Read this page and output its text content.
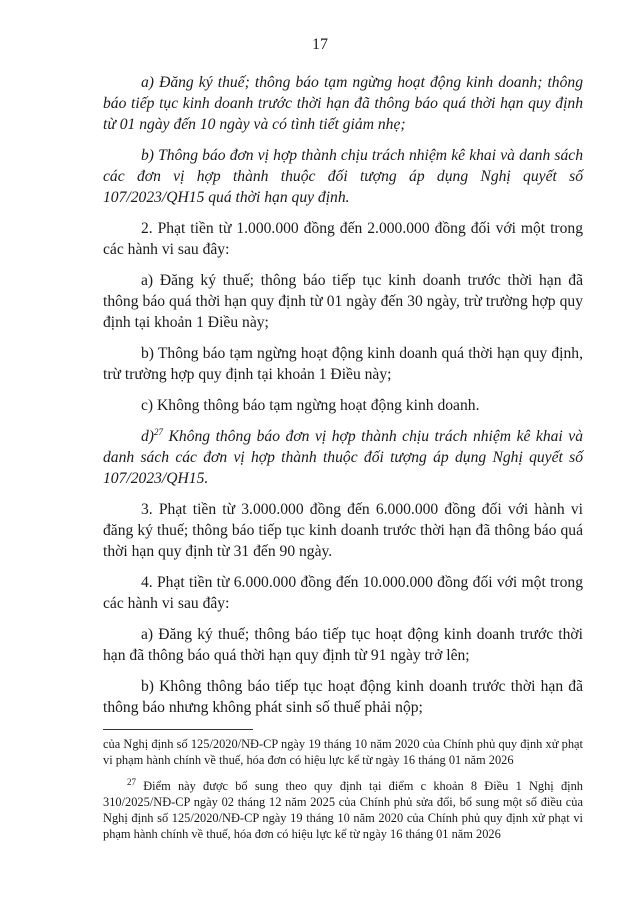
17

a) Đăng ký thuế; thông báo tạm ngừng hoạt động kinh doanh; thông báo tiếp tục kinh doanh trước thời hạn đã thông báo quá thời hạn quy định từ 01 ngày đến 10 ngày và có tình tiết giảm nhẹ;

b) Thông báo đơn vị hợp thành chịu trách nhiệm kê khai và danh sách các đơn vị hợp thành thuộc đối tượng áp dụng Nghị quyết số 107/2023/QH15 quá thời hạn quy định.

2. Phạt tiền từ 1.000.000 đồng đến 2.000.000 đồng đối với một trong các hành vi sau đây:

a) Đăng ký thuế; thông báo tiếp tục kinh doanh trước thời hạn đã thông báo quá thời hạn quy định từ 01 ngày đến 30 ngày, trừ trường hợp quy định tại khoản 1 Điều này;

b) Thông báo tạm ngừng hoạt động kinh doanh quá thời hạn quy định, trừ trường hợp quy định tại khoản 1 Điều này;

c) Không thông báo tạm ngừng hoạt động kinh doanh.

d)$^{27}$ Không thông báo đơn vị hợp thành chịu trách nhiệm kê khai và danh sách các đơn vị hợp thành thuộc đối tượng áp dụng Nghị quyết số 107/2023/QH15.

3. Phạt tiền từ 3.000.000 đồng đến 6.000.000 đồng đối với hành vi đăng ký thuế; thông báo tiếp tục kinh doanh trước thời hạn đã thông báo quá thời hạn quy định từ 31 đến 90 ngày.

4. Phạt tiền từ 6.000.000 đồng đến 10.000.000 đồng đối với một trong các hành vi sau đây:

a) Đăng ký thuế; thông báo tiếp tục hoạt động kinh doanh trước thời hạn đã thông báo quá thời hạn quy định từ 91 ngày trở lên;

b) Không thông báo tiếp tục hoạt động kinh doanh trước thời hạn đã thông báo nhưng không phát sinh số thuế phải nộp;

của Nghị định số 125/2020/NĐ-CP ngày 19 tháng 10 năm 2020 của Chính phủ quy định xử phạt vi phạm hành chính về thuế, hóa đơn có hiệu lực kể từ ngày 16 tháng 01 năm 2026

$^{27}$ Điểm này được bổ sung theo quy định tại điểm c khoản 8 Điều 1 Nghị định 310/2025/NĐ-CP ngày 02 tháng 12 năm 2025 của Chính phủ sửa đổi, bổ sung một số điều của Nghị định số 125/2020/NĐ-CP ngày 19 tháng 10 năm 2020 của Chính phủ quy định xử phạt vi phạm hành chính về thuế, hóa đơn có hiệu lực kể từ ngày 16 tháng 01 năm 2026
